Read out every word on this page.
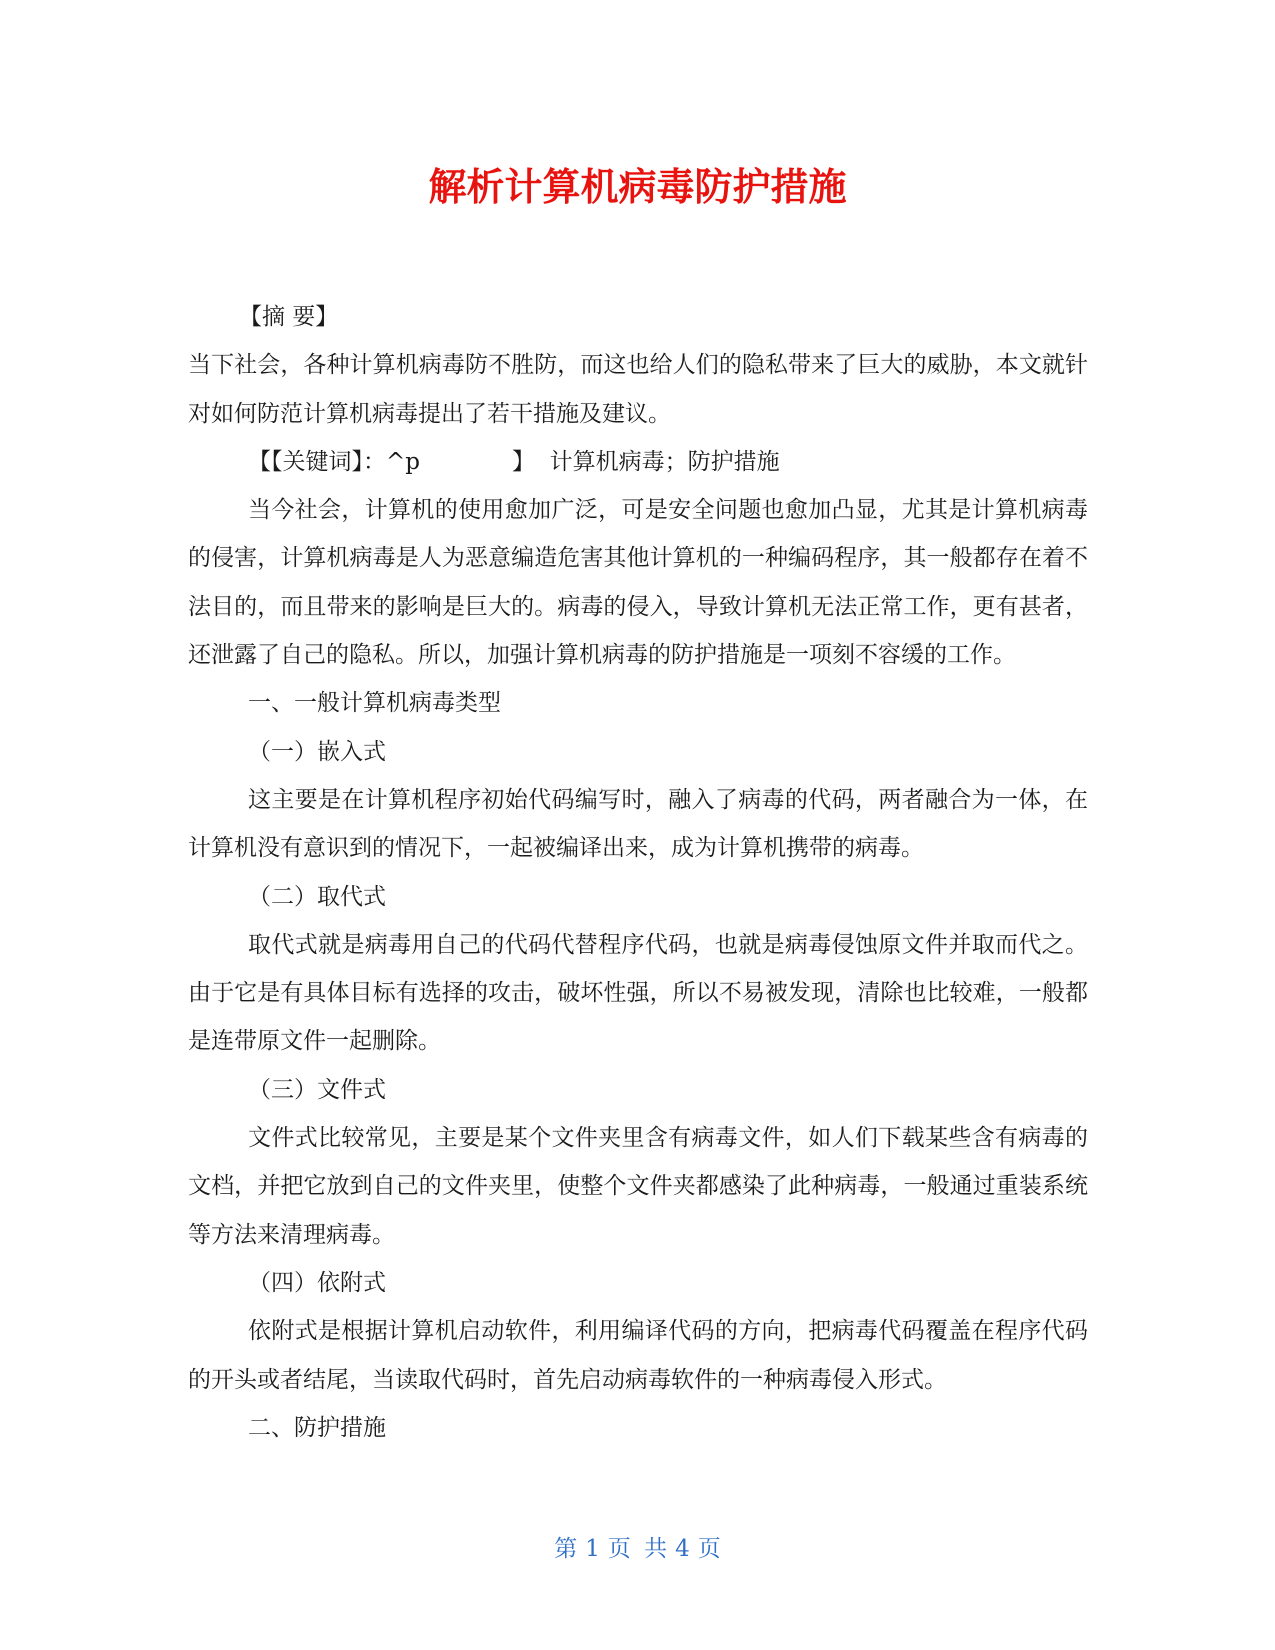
解析计算机病毒防护措施

【摘 要】

当下社会，各种计算机病毒防不胜防，而这也给人们的隐私带来了巨大的威胁，本文就针对如何防范计算机病毒提出了若干措施及建议。

【【关键词】：^p	】 计算机病毒；防护措施

当今社会，计算机的使用愈加广泛，可是安全问题也愈加凸显，尤其是计算机病毒的侵害，计算机病毒是人为恶意编造危害其他计算机的一种编码程序，其一般都存在着不法目的，而且带来的影响是巨大的。病毒的侵入，导致计算机无法正常工作，更有甚者，还泄露了自己的隐私。所以，加强计算机病毒的防护措施是一项刻不容缓的工作。

一、一般计算机病毒类型

（一）嵌入式

这主要是在计算机程序初始代码编写时，融入了病毒的代码，两者融合为一体，在计算机没有意识到的情况下，一起被编译出来，成为计算机携带的病毒。

（二）取代式

取代式就是病毒用自己的代码代替程序代码，也就是病毒侵蚀原文件并取而代之。由于它是有具体目标有选择的攻击，破坏性强，所以不易被发现，清除也比较难，一般都是连带原文件一起删除。

（三）文件式

文件式比较常见，主要是某个文件夹里含有病毒文件，如人们下载某些含有病毒的文档，并把它放到自己的文件夹里，使整个文件夹都感染了此种病毒，一般通过重装系统等方法来清理病毒。

（四）依附式

依附式是根据计算机启动软件，利用编译代码的方向，把病毒代码覆盖在程序代码的开头或者结尾，当读取代码时，首先启动病毒软件的一种病毒侵入形式。

二、防护措施

第 1 页 共 4 页
